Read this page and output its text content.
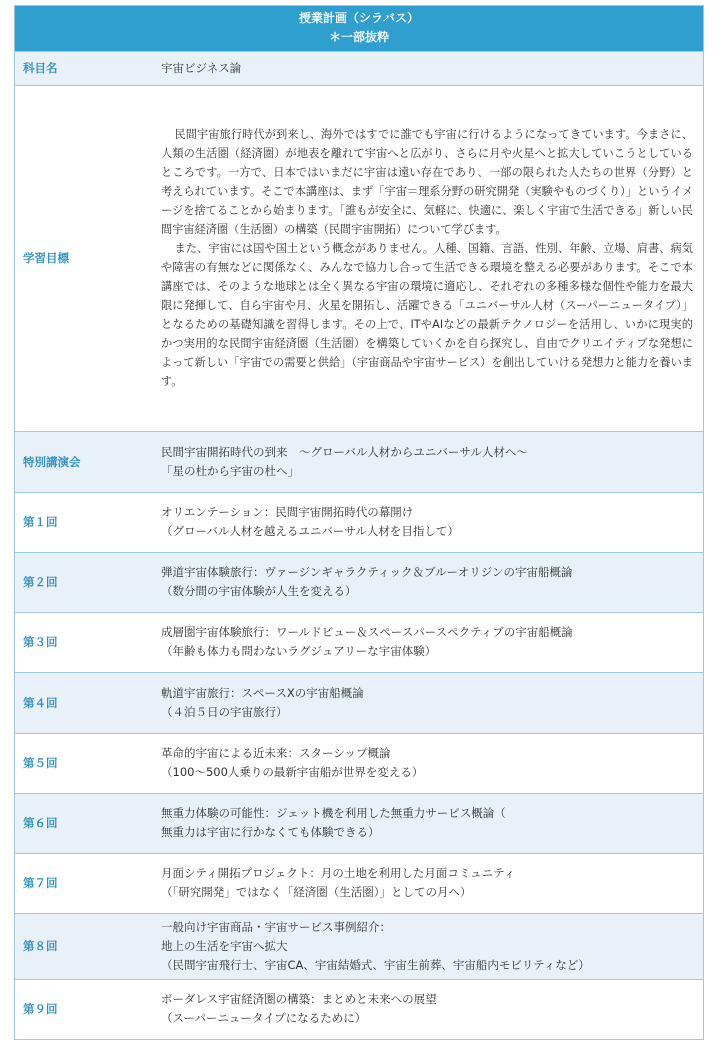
授業計画（シラバス）
＊一部抜粋
科目名	宇宙ビジネス論
学習目標	民間宇宙旅行時代が到来し、海外ではすでに誰でも宇宙に行けるようになってきています。今まさに、人類の生活圏（経済圏）が地表を離れて宇宙へと広がり、さらに月や火星へと拡大していこうとしているところです。一方で、日本ではいまだに宇宙は遠い存在であり、一部の限られた人たちの世界（分野）と考えられています。そこで本講座は、まず「宇宙＝理系分野の研究開発（実験やものづくり）」というイメージを捨てることから始まります。「誰もが安全に、気軽に、快適に、楽しく宇宙で生活できる」新しい民間宇宙経済圏（生活圏）の構築（民間宇宙開拓）について学びます。

また、宇宙には国や国土という概念がありません。人種、国籍、言語、性別、年齢、立場、肩書、病気や障害の有無などに関係なく、みんなで協力し合って生活できる環境を整える必要があります。そこで本講座では、そのような地球とは全く異なる宇宙の環境に適応し、それぞれの多種多様な個性や能力を最大限に発揮して、自ら宇宙や月、火星を開拓し、活躍できる「ユニバーサル人材（スーパーニュータイプ）」となるための基礎知識を習得します。その上で、ITやAIなどの最新テクノロジーを活用し、いかに現実的かつ実用的な民間宇宙経済圏（生活圏）を構築していくかを自ら探究し、自由でクリエイティブな発想によって新しい「宇宙での需要と供給」（宇宙商品や宇宙サービス）を創出していける発想力と能力を養います。

特別講演会	民間宇宙開拓時代の到来　～グローバル人材からユニバーサル人材へ～
「星の杜から宇宙の杜へ」

第１回	オリエンテーション：民間宇宙開拓時代の幕開け
（グローバル人材を越えるユニバーサル人材を目指して）

第２回	弾道宇宙体験旅行：ヴァージンギャラクティック＆ブルーオリジンの宇宙船概論
（数分間の宇宙体験が人生を変える）

第３回	成層圏宇宙体験旅行：ワールドビュー＆スペースパースペクティブの宇宙船概論
（年齢も体力も問わないラグジュアリーな宇宙体験）

第４回	軌道宇宙旅行：スペースXの宇宙船概論
（４泊５日の宇宙旅行）

第５回	革命的宇宙による近未来：スターシップ概論
（100～500人乗りの最新宇宙船が世界を変える）

第６回	無重力体験の可能性：ジェット機を利用した無重力サービス概論（
無重力は宇宙に行かなくても体験できる）

第７回	月面シティ開拓プロジェクト：月の土地を利用した月面コミュニティ
（「研究開発」ではなく「経済圏（生活圏）」としての月へ）

第８回	一般向け宇宙商品・宇宙サービス事例紹介：
地上の生活を宇宙へ拡大
（民間宇宙飛行士、宇宙CA、宇宙結婚式、宇宙生前葬、宇宙船内モビリティなど）

第９回	ボーダレス宇宙経済圏の構築：まとめと未来への展望
（スーパーニュータイプになるために）
